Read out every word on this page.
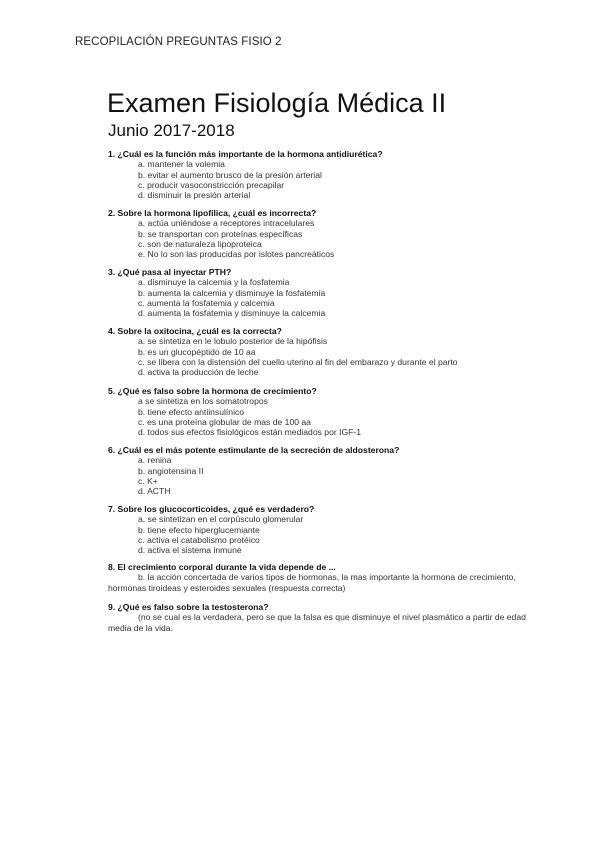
RECOPILACIÓN PREGUNTAS FISIO 2
Examen Fisiología Médica II
Junio 2017-2018
1. ¿Cuál es la función más importante de la hormona antidiurética?
a. mantener la volemia
b. evitar el aumento brusco de la presión arterial
c. producir vasoconstricción precapilar
d. disminuir la presión arterial
2. Sobre la hormona lipofílica, ¿cuál es incorrecta?
a. actúa uniéndose a receptores intracelulares
b. se transportan con proteínas específicas
c. son de naturaleza lipoproteica
e. No lo son las producidas por islotes pancreáticos
3. ¿Qué pasa al inyectar PTH?
a. disminuye la calcemia y la fosfatemia
b. aumenta la calcemia y disminuye la fosfatemia
c. aumenta la fosfatemia y calcemia
d. aumenta la fosfatemia y disminuye la calcemia
4. Sobre la oxitocina, ¿cuál es la correcta?
a. se sintetiza en le lobulo posterior de la hipófisis
b. es un glucopéptido de 10 aa
c. se libera con la distensión del cuello uterino al fin del embarazo y durante el parto
d. activa la producción de leche
5. ¿Qué es falso sobre la hormona de crecimiento?
a se sintetiza en los somatotropos
b. tiene efecto antiinsulínico
c. es una proteína globular de mas de 100 aa
d. todos sus efectos fisiológicos están mediados por IGF-1
6. ¿Cuál es el más potente estimulante de la secreción de aldosterona?
a. renina
b. angiotensina II
c. K+
d. ACTH
7. Sobre los glucocorticoides, ¿qué es verdadero?
a. se sintetizan en el corpúsculo glomerular
b. tiene efecto hiperglucemiante
c. activa el catabolismo protéico
d. activa el sistema inmune
8. El crecimiento corporal durante la vida depende de ...
b. la acción concertada de varios tipos de hormonas, la mas importante la hormona de crecimiento, hormonas tiroideas y esteroides sexuales (respuesta correcta)
9. ¿Qué es falso sobre la testosterona?
(no se cual es la verdadera, pero se que la falsa es que disminuye el nivel plasmático a partir de edad media de la vida.
